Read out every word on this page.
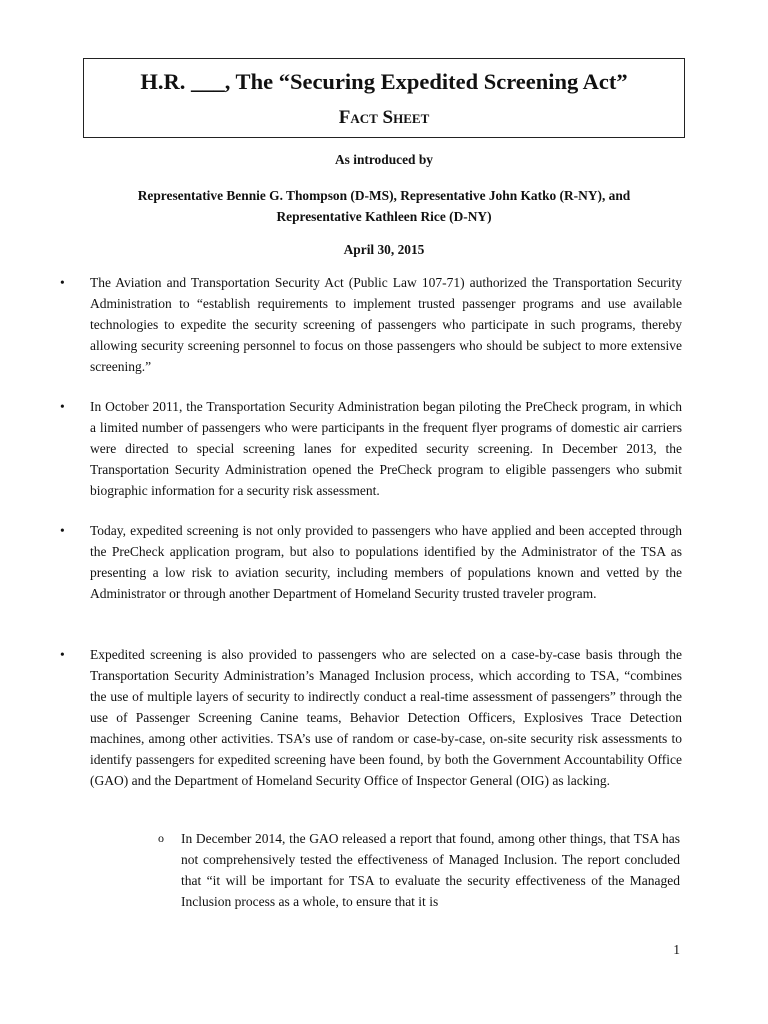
H.R. ___, The “Securing Expedited Screening Act”
Fact Sheet
As introduced by
Representative Bennie G. Thompson (D-MS), Representative John Katko (R-NY), and
Representative Kathleen Rice (D-NY)
April 30, 2015
•	The Aviation and Transportation Security Act (Public Law 107-71) authorized the Transportation Security Administration to “establish requirements to implement trusted passenger programs and use available technologies to expedite the security screening of passengers who participate in such programs, thereby allowing security screening personnel to focus on those passengers who should be subject to more extensive screening.”
•	In October 2011, the Transportation Security Administration began piloting the PreCheck program, in which a limited number of passengers who were participants in the frequent flyer programs of domestic air carriers were directed to special screening lanes for expedited security screening. In December 2013, the Transportation Security Administration opened the PreCheck program to eligible passengers who submit biographic information for a security risk assessment.
•	Today, expedited screening is not only provided to passengers who have applied and been accepted through the PreCheck application program, but also to populations identified by the Administrator of the TSA as presenting a low risk to aviation security, including members of populations known and vetted by the Administrator or through another Department of Homeland Security trusted traveler program.
•	Expedited screening is also provided to passengers who are selected on a case-by-case basis through the Transportation Security Administration’s Managed Inclusion process, which according to TSA, “combines the use of multiple layers of security to indirectly conduct a real-time assessment of passengers” through the use of Passenger Screening Canine teams, Behavior Detection Officers, Explosives Trace Detection machines, among other activities. TSA’s use of random or case-by-case, on-site security risk assessments to identify passengers for expedited screening have been found, by both the Government Accountability Office (GAO) and the Department of Homeland Security Office of Inspector General (OIG) as lacking.
o In December 2014, the GAO released a report that found, among other things, that TSA has not comprehensively tested the effectiveness of Managed Inclusion. The report concluded that “it will be important for TSA to evaluate the security effectiveness of the Managed Inclusion process as a whole, to ensure that it is
1
